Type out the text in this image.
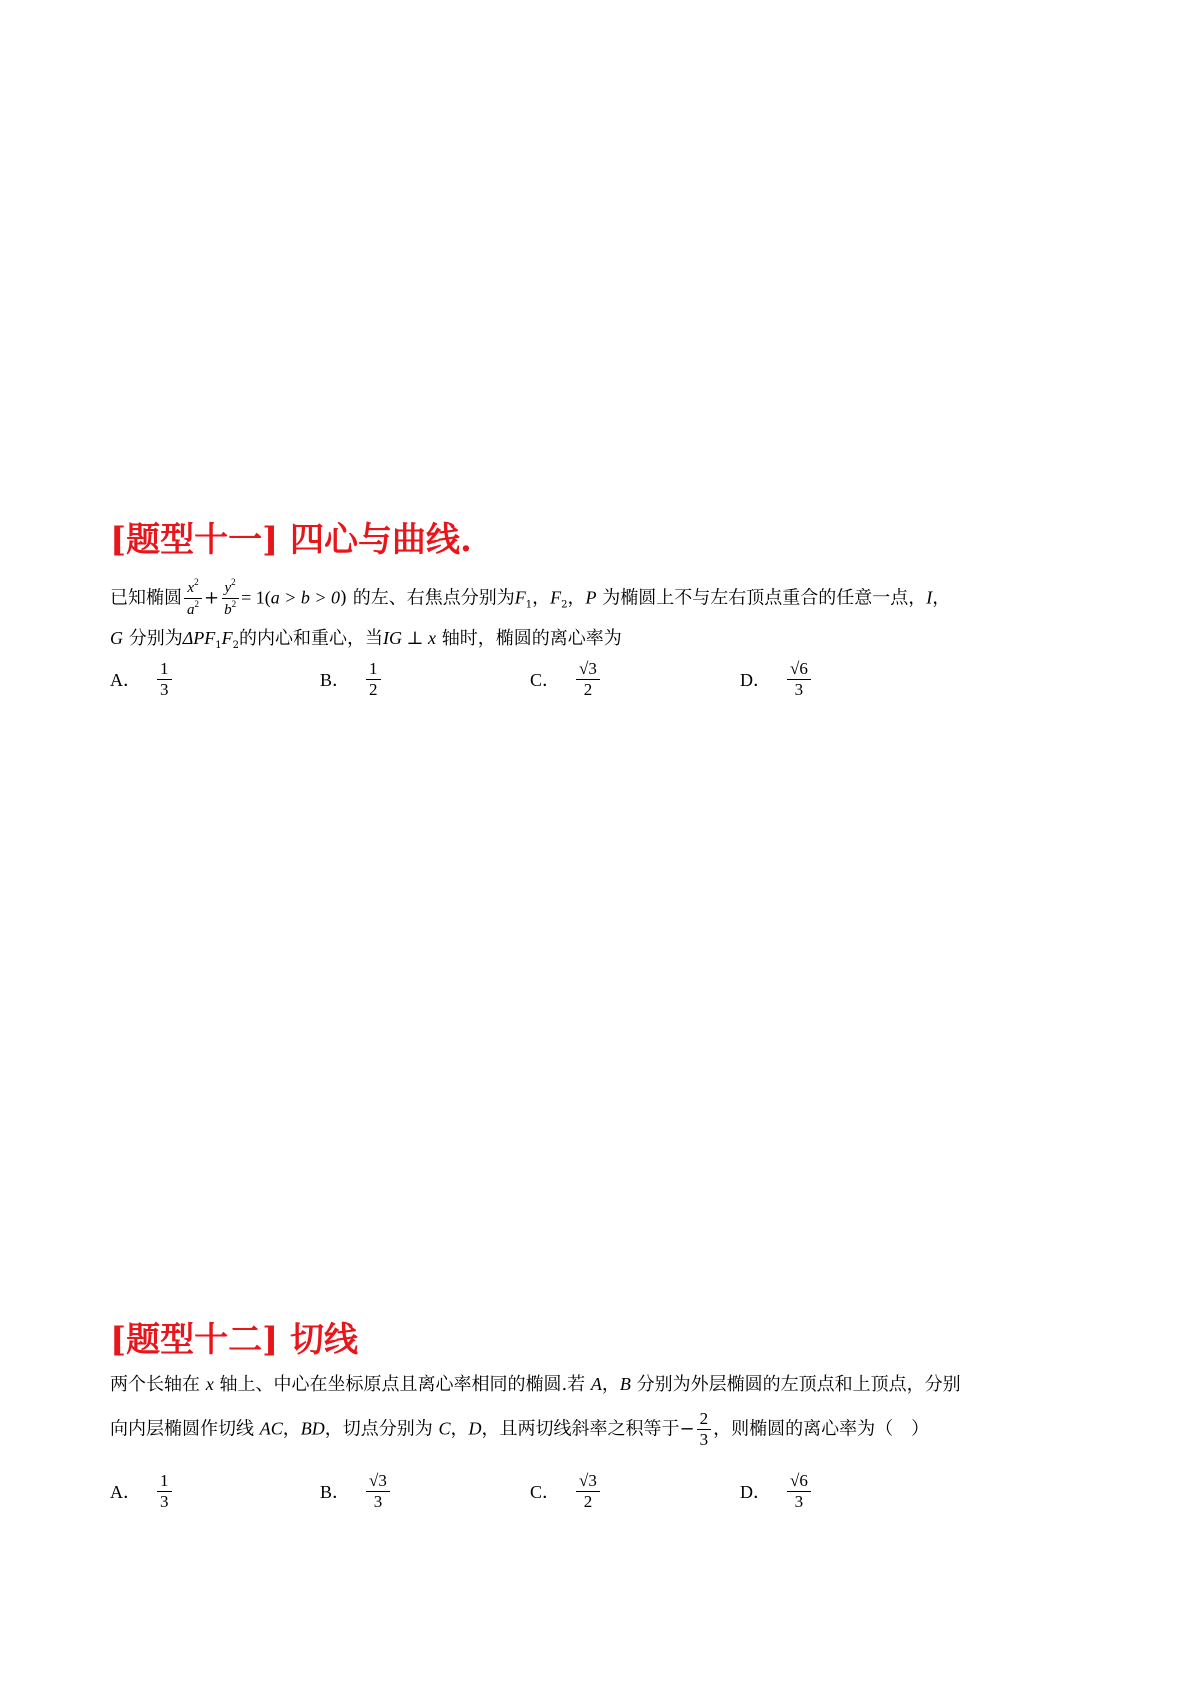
[题型十一] 四心与曲线.
已知椭圆 $\frac{x^2}{a^2} + \frac{y^2}{b^2} = 1(a > b > 0)$ 的左、右焦点分别为$F_1$，$F_2$，P 为椭圆上不与左右顶点重合的任意一点，I，
G 分别为$\Delta PF_1F_2$的内心和重心，当IG ⊥ x 轴时，椭圆的离心率为
A． $\frac{1}{3}$	B． $\frac{1}{2}$	C． $\frac{√3}{2}$	D． $\frac{√6}{3}$
[题型十二] 切线
两个长轴在 x 轴上、中心在坐标原点且离心率相同的椭圆.若 A，B 分别为外层椭圆的左顶点和上顶点，分别
向内层椭圆作切线 AC，BD，切点分别为 C，D，且两切线斜率之积等于− $\frac{2}{3}$ ，则椭圆的离心率为（　）
A． $\frac{1}{3}$	B． $\frac{√3}{3}$	C． $\frac{√3}{2}$	D． $\frac{√6}{3}$
